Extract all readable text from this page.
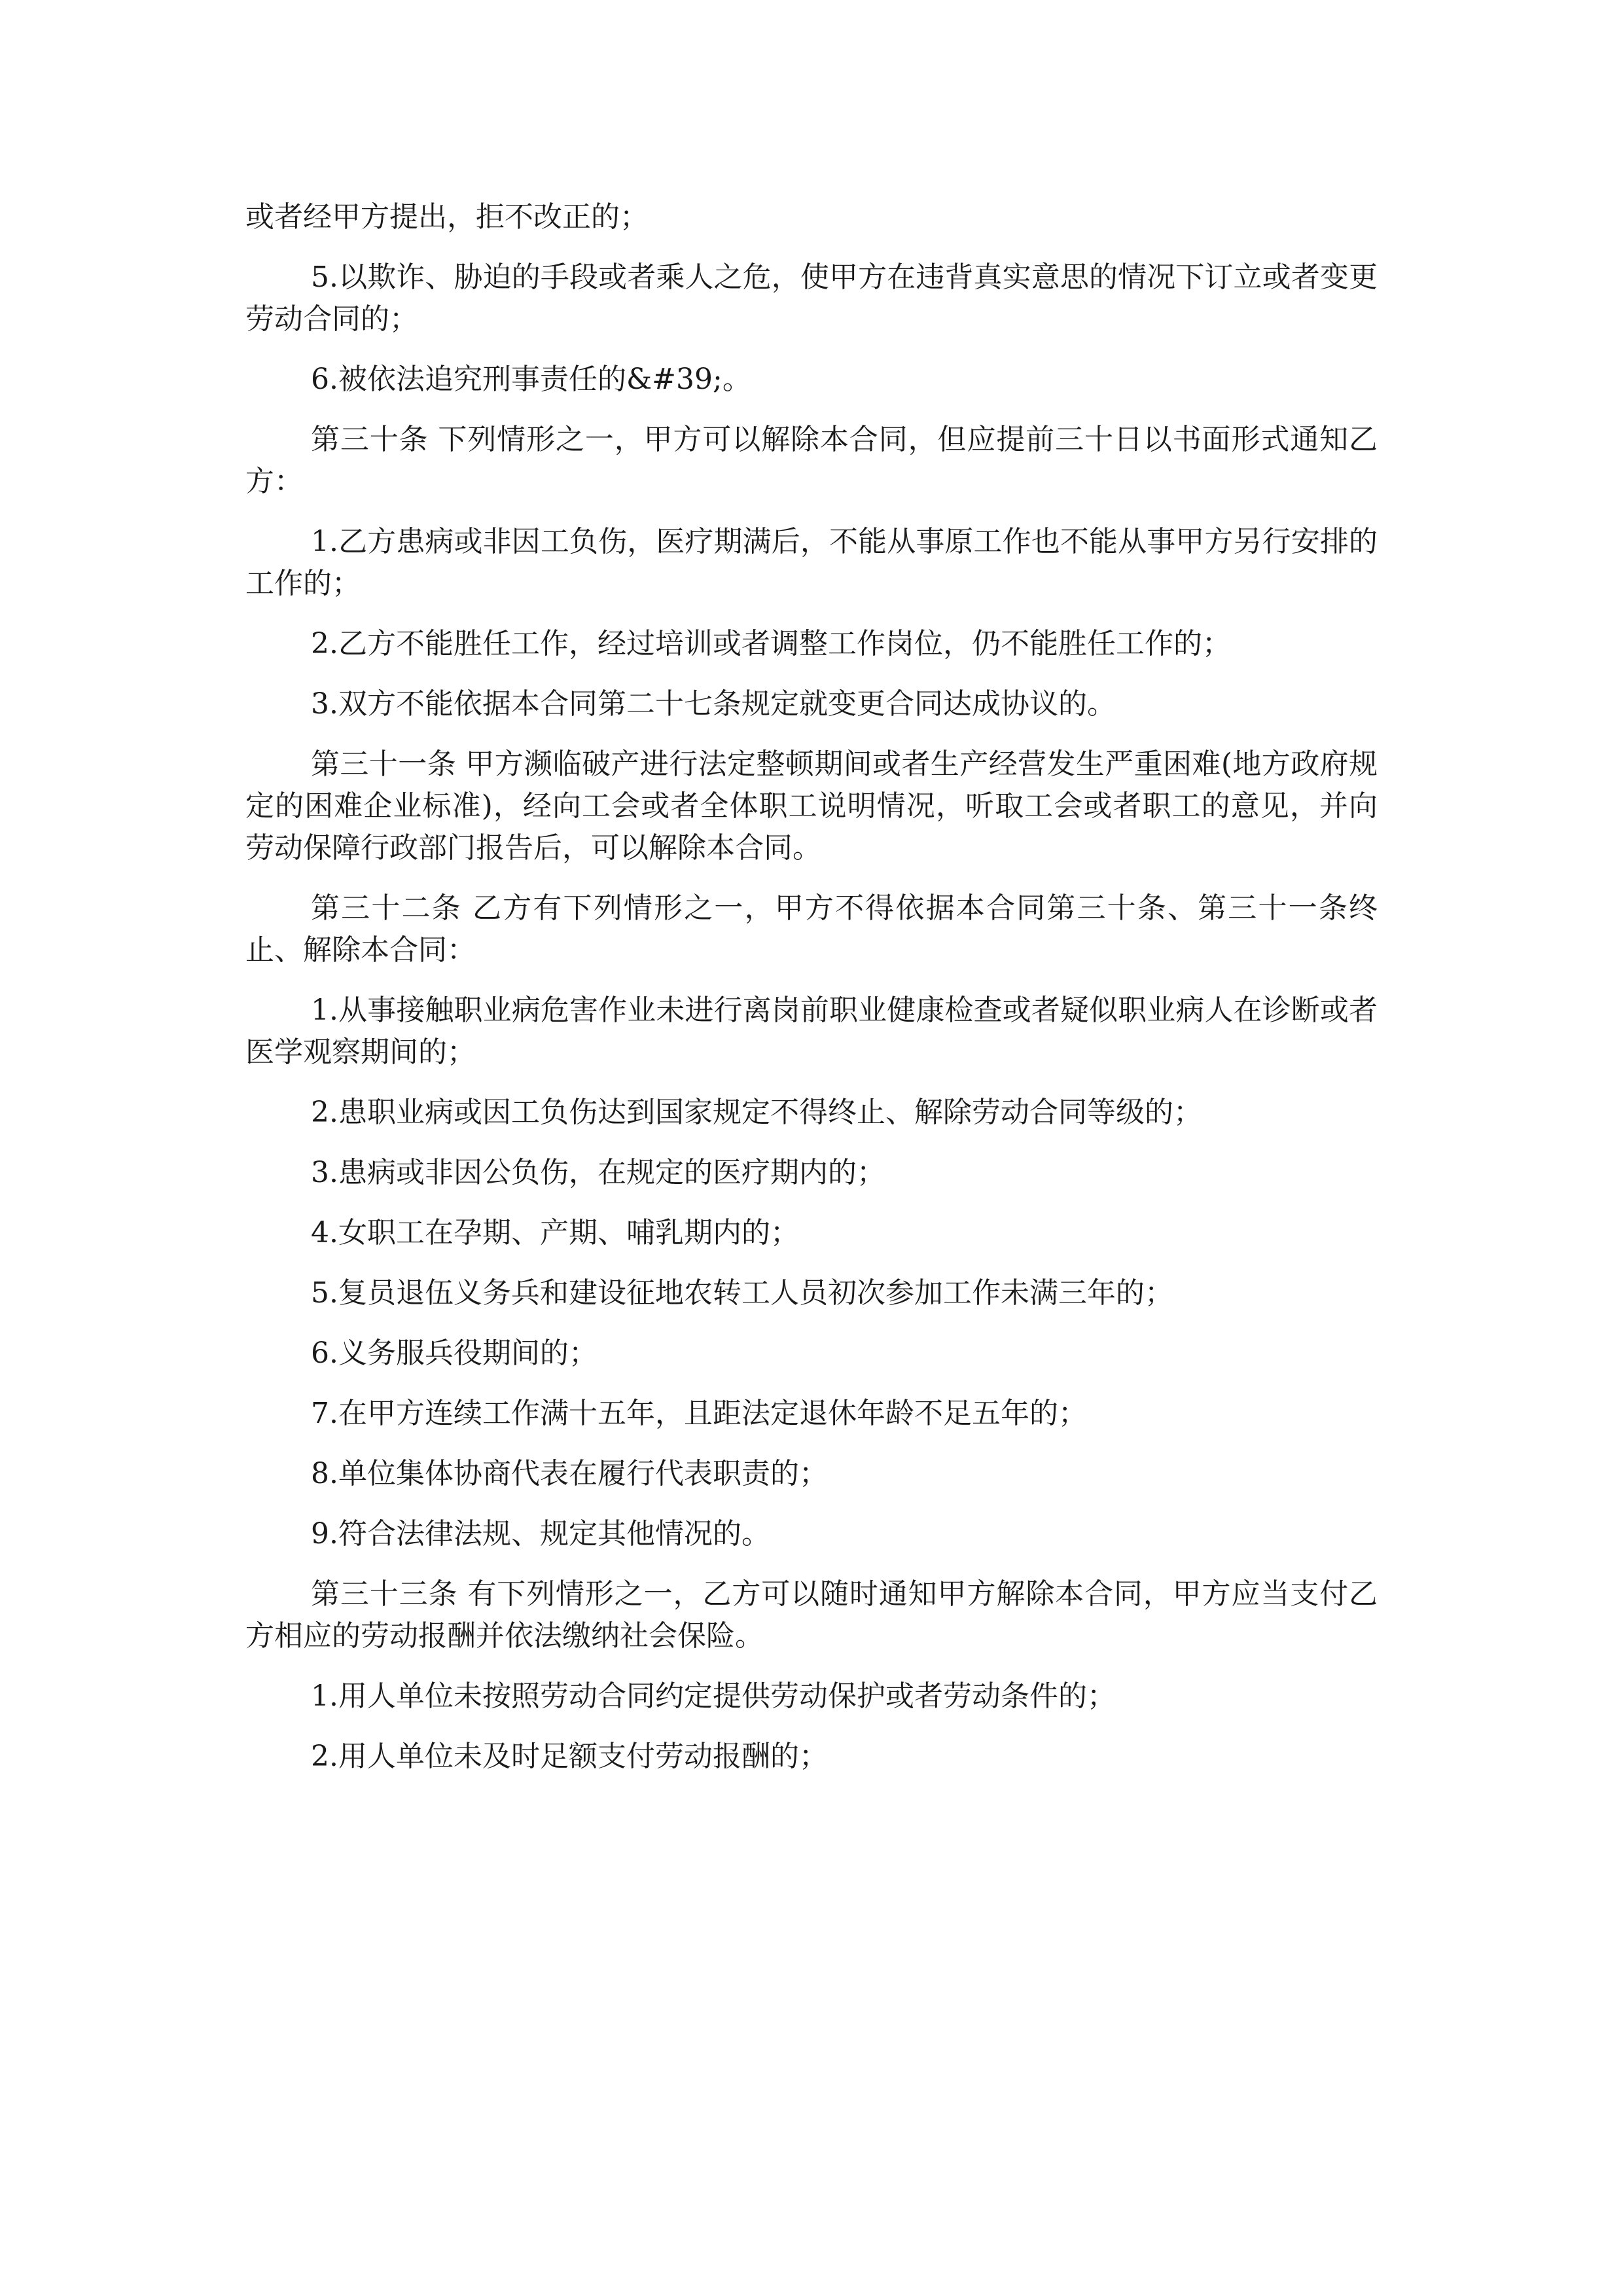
或者经甲方提出，拒不改正的；

5.以欺诈、胁迫的手段或者乘人之危，使甲方在违背真实意思的情况下订立或者变更劳动合同的；

6.被依法追究刑事责任的&#39;。

第三十条 下列情形之一，甲方可以解除本合同，但应提前三十日以书面形式通知乙方：

1.乙方患病或非因工负伤，医疗期满后，不能从事原工作也不能从事甲方另行安排的工作的；

2.乙方不能胜任工作，经过培训或者调整工作岗位，仍不能胜任工作的；

3.双方不能依据本合同第二十七条规定就变更合同达成协议的。

第三十一条 甲方濒临破产进行法定整顿期间或者生产经营发生严重困难(地方政府规定的困难企业标准)，经向工会或者全体职工说明情况，听取工会或者职工的意见，并向劳动保障行政部门报告后，可以解除本合同。

第三十二条 乙方有下列情形之一，甲方不得依据本合同第三十条、第三十一条终止、解除本合同：

1.从事接触职业病危害作业未进行离岗前职业健康检查或者疑似职业病人在诊断或者医学观察期间的；

2.患职业病或因工负伤达到国家规定不得终止、解除劳动合同等级的；

3.患病或非因公负伤，在规定的医疗期内的；

4.女职工在孕期、产期、哺乳期内的；

5.复员退伍义务兵和建设征地农转工人员初次参加工作未满三年的；

6.义务服兵役期间的；

7.在甲方连续工作满十五年，且距法定退休年龄不足五年的；

8.单位集体协商代表在履行代表职责的；

9.符合法律法规、规定其他情况的。

第三十三条 有下列情形之一，乙方可以随时通知甲方解除本合同，甲方应当支付乙方相应的劳动报酬并依法缴纳社会保险。

1.用人单位未按照劳动合同约定提供劳动保护或者劳动条件的；

2.用人单位未及时足额支付劳动报酬的；
